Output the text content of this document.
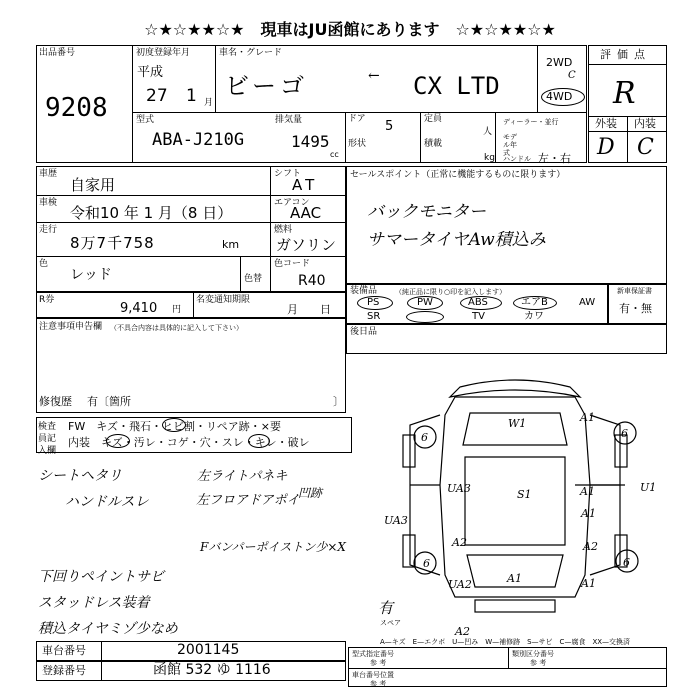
☆★☆★★☆★　現車はJU函館にあります　☆★☆★★☆★
出品番号
9208
初度登録年月
平成
27 1 月
車名・グレード
ビーゴ	← CX LTD
2WD
C
4WD
型式
ABA-J210G
排気量
1495
cc
ドア 5
形状
定員
人
積載
kg
ディーラー・並行
モデル年式
ハンドル 左・右
評価点
R
外装 内装
D C
車歴
自家用
シフト
AT
車検
令和10 年 1 月（8 日）
エアコン
AAC
走行
8万7千758	km
燃料
ガソリン
色
レッド	色替
色コード
R40
セールスポイント（正常に機能するものに限ります）
バックモニター
サマータイヤAw積込み
R券
9,410 円
名変通知期限
月 日
注意事項申告欄 （不具合内容は具体的に記入して下さい）
修復歴 有〔箇所	〕
装備品	（純正品に限り○印を記入します）
PS	PW	ABS	エアB	AW
SR	TV	カワ
新車保証書
有・無
後日品
検査員記入欄
FW　キズ・飛石・ヒビ割・リペア跡・×要
内装　キズ・汚レ・コゲ・穴・スレ・キレ・破レ
シートヘタリ
ハンドルスレ
左ライトパネキ
左フロアドアポイ
凹跡
Fバンパーポイストン少×X
下回りペイントサビ
スタッドレス装着
積込タイヤミゾ少なめ
W1	A1
6	6
U1
A1
UA3	S1
A1
UA3
A2
6
A2
UA2	A1	A1
6
A2
有
スペア
A—キズ　E—エクボ　U—凹み　W—補修跡　S—サビ　C—腐食　XX—交換済
車台番号	2001145
登録番号	函館 532 ゆ 1116
型式指定番号
参 考
類別区分番号
参 考
車台番号位置
参 考
